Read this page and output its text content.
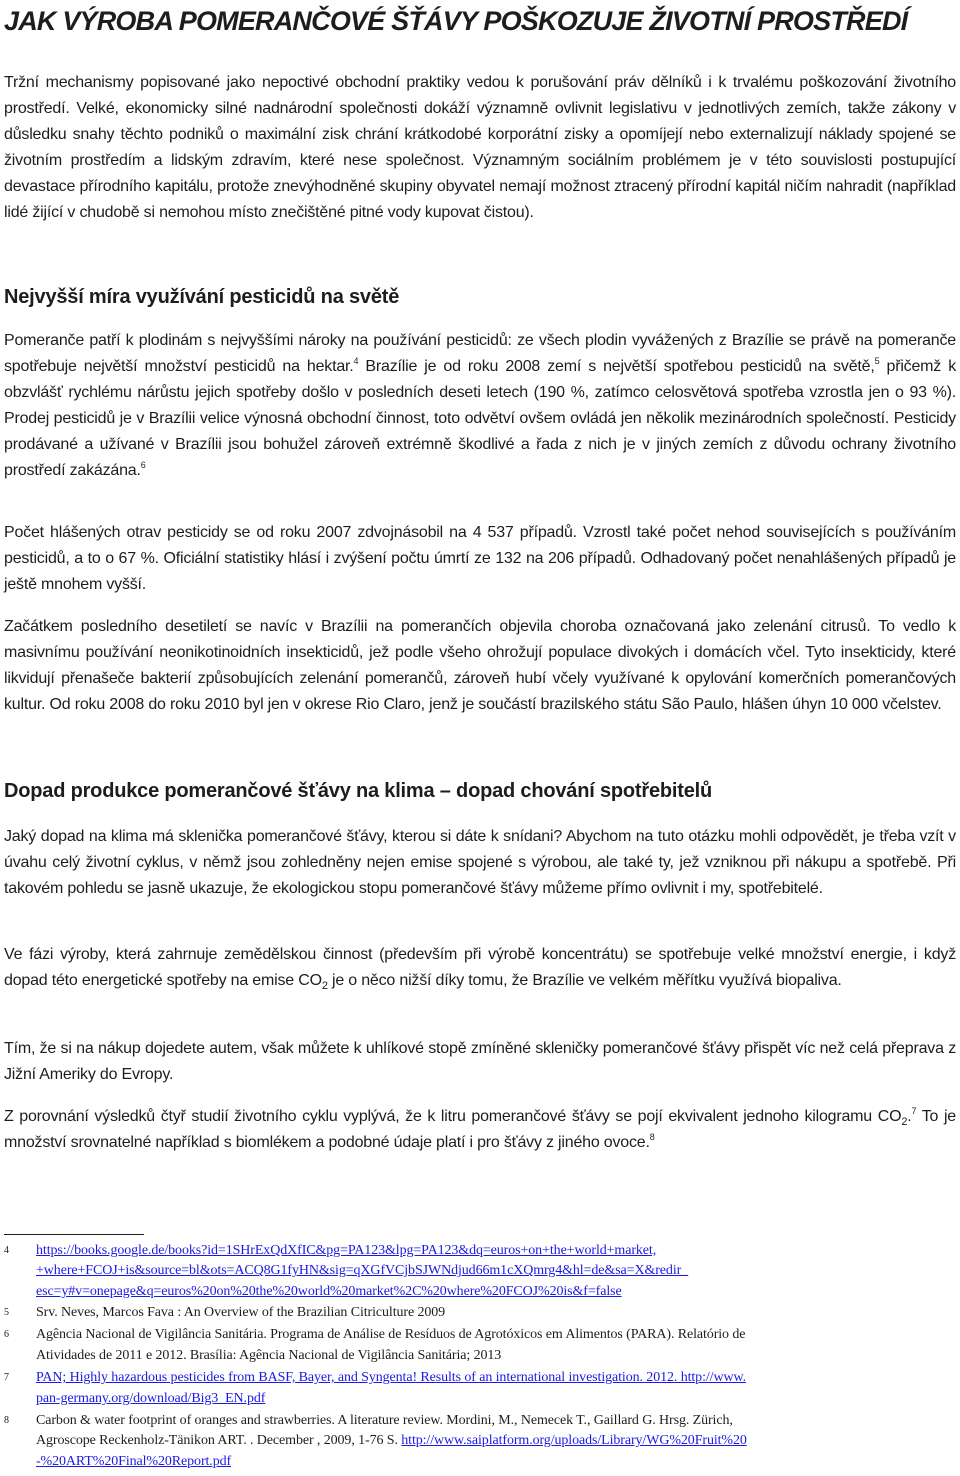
JAK VÝROBA POMERANČOVÉ ŠŤÁVY POŠKOZUJE ŽIVOTNÍ PROSTŘEDÍ

Tržní mechanismy popisované jako nepoctivé obchodní praktiky vedou k porušování práv dělníků i k trvalému poškozování životního prostředí. Velké, ekonomicky silné nadnárodní společnosti dokáží významně ovlivnit legislativu v jednotlivých zemích, takže zákony v důsledku snahy těchto podniků o maximální zisk chrání krátkodobé korporátní zisky a opomíjejí nebo externalizují náklady spojené se životním prostředím a lidským zdravím, které nese společnost. Významným sociálním problémem je v této souvislosti postupující devastace přírodního kapitálu, protože znevýhodněné skupiny obyvatel nemají možnost ztracený přírodní kapitál ničím nahradit (například lidé žijící v chudobě si nemohou místo znečištěné pitné vody kupovat čistou).

Nejvyšší míra využívání pesticidů na světě

Pomeranče patří k plodinám s nejvyššími nároky na používání pesticidů: ze všech plodin vyvážených z Brazílie se právě na pomeranče spotřebuje největší množství pesticidů na hektar.$^4$ Brazílie je od roku 2008 zemí s největší spotřebou pesticidů na světě,$^5$ přičemž k obzvlášť rychlému nárůstu jejich spotřeby došlo v posledních deseti letech (190 %, zatímco celosvětová spotřeba vzrostla jen o 93 %). Prodej pesticidů je v Brazílii velice výnosná obchodní činnost, toto odvětví ovšem ovládá jen několik mezinárodních společností. Pesticidy prodávané a užívané v Brazílii jsou bohužel zároveň extrémně škodlivé a řada z nich je v jiných zemích z důvodu ochrany životního prostředí zakázána.$^6$

Počet hlášených otrav pesticidy se od roku 2007 zdvojnásobil na 4 537 případů. Vzrostl také počet nehod souvisejících s používáním pesticidů, a to o 67 %. Oficiální statistiky hlásí i zvýšení počtu úmrtí ze 132 na 206 případů. Odhadovaný počet nenahlášených případů je ještě mnohem vyšší.

Začátkem posledního desetiletí se navíc v Brazílii na pomerančích objevila choroba označovaná jako zelenání citrusů. To vedlo k masivnímu používání neonikotinoidních insekticidů, jež podle všeho ohrožují populace divokých i domácích včel. Tyto insekticidy, které likvidují přenašeče bakterií způsobujících zelenání pomerančů, zároveň hubí včely využívané k opylování komerčních pomerančových kultur. Od roku 2008 do roku 2010 byl jen v okrese Rio Claro, jenž je součástí brazilského státu São Paulo, hlášen úhyn 10 000 včelstev.

Dopad produkce pomerančové šťávy na klima – dopad chování spotřebitelů

Jaký dopad na klima má sklenička pomerančové šťávy, kterou si dáte k snídani? Abychom na tuto otázku mohli odpovědět, je třeba vzít v úvahu celý životní cyklus, v němž jsou zohledněny nejen emise spojené s výrobou, ale také ty, jež vzniknou při nákupu a spotřebě. Při takovém pohledu se jasně ukazuje, že ekologickou stopu pomerančové šťávy můžeme přímo ovlivnit i my, spotřebitelé.

Ve fázi výroby, která zahrnuje zemědělskou činnost (především při výrobě koncentrátu) se spotřebuje velké množství energie, i když dopad této energetické spotřeby na emise $CO_2$ je o něco nižší díky tomu, že Brazílie ve velkém měřítku využívá biopaliva.

Tím, že si na nákup dojedete autem, však můžete k uhlíkové stopě zmíněné skleničky pomerančové šťávy přispět víc než celá přeprava z Jižní Ameriky do Evropy.

Z porovnání výsledků čtyř studií životního cyklu vyplývá, že k litru pomerančové šťávy se pojí ekvivalent jednoho kilogramu $CO_2.^7$ To je množství srovnatelné například s biomlékem a podobné údaje platí i pro šťávy z jiného ovoce.$^8$

4 https://books.google.de/books?id=1SHrExQdXfIC&pg=PA123&lpg=PA123&dq=euros+on+the+world+market,
+where+FCOJ+is&source=bl&ots=ACQ8G1fyHN&sig=qXGfVCjbSJWNdjud66m1cXQmrg4&hl=de&sa=X&redir_
esc=y#v=onepage&q=euros%20on%20the%20world%20market%2C%20where%20FCOJ%20is&f=false
5 Srv. Neves, Marcos Fava : An Overview of the Brazilian Citriculture 2009
6 Agência Nacional de Vigilância Sanitária. Programa de Análise de Resíduos de Agrotóxicos em Alimentos (PARA). Relatório de
Atividades de 2011 e 2012. Brasília: Agência Nacional de Vigilância Sanitária; 2013
7 PAN; Highly hazardous pesticides from BASF, Bayer, and Syngenta! Results of an international investigation. 2012. http://www.
pan-germany.org/download/Big3_EN.pdf
8 Carbon & water footprint of oranges and strawberries. A literature review. Mordini, M., Nemecek T., Gaillard G. Hrsg. Zürich,
Agroscope Reckenholz-Tänikon ART. . December , 2009, 1-76 S. http://www.saiplatform.org/uploads/Library/WG%20Fruit%20
-%20ART%20Final%20Report.pdf
